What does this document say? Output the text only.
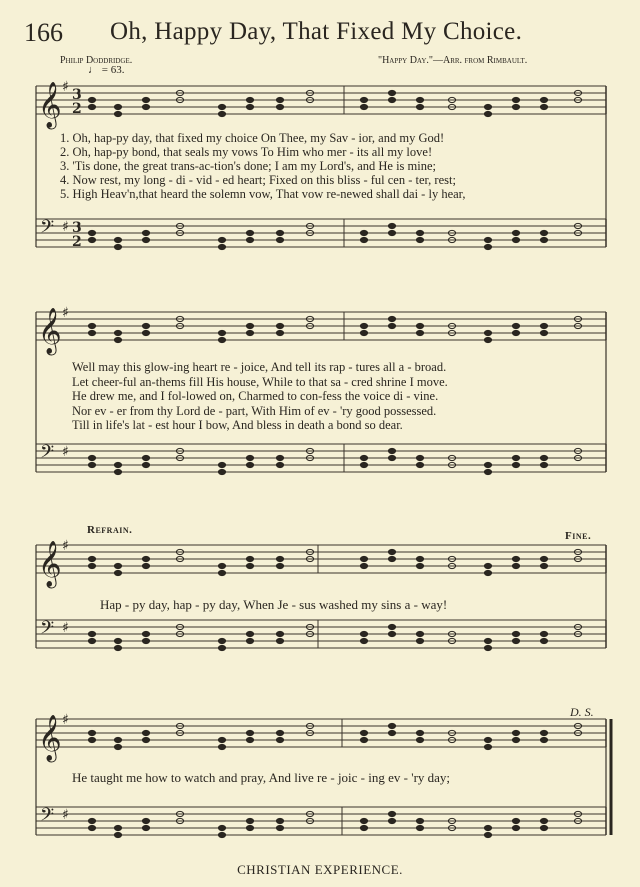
166 Oh, Happy Day, That Fixed My Choice.
Philip Doddridge.	"Happy Day."—Arr. from Rimbault.
♩ = 63.
𝄞 ♯ 3
2
𝄢 ♯ 3
2
𝄞 ♯
𝄢 ♯
𝄞 ♯
𝄢 ♯
𝄞 ♯
𝄢 ♯
1. Oh, hap-py day, that fixed my choice On Thee, my Sav - ior, and my God!
2. Oh, hap-py bond, that seals my vows To Him who mer - its all my love!
3. 'Tis done, the great trans-ac-tion's done; I am my Lord's, and He is mine;
4. Now rest, my long - di - vid - ed heart; Fixed on this bliss - ful cen - ter, rest;
5. High Heav'n,that heard the solemn vow, That vow re-newed shall dai - ly hear,
Well may this glow-ing heart re - joice, And tell its rap - tures all a - broad.
Let cheer-ful an-thems fill His house, While to that sa - cred shrine I move.
He drew me, and I fol-lowed on, Charmed to con-fess the voice di - vine.
Nor ev - er from thy Lord de - part, With Him of ev - 'ry good possessed.
Till in life's lat - est hour I bow, And bless in death a bond so dear.
Refrain.	Fine.
Hap - py day, hap - py day, When Je - sus washed my sins a - way!
D. S.
He taught me how to watch and pray, And live re - joic - ing ev - 'ry day;
CHRISTIAN EXPERIENCE.
